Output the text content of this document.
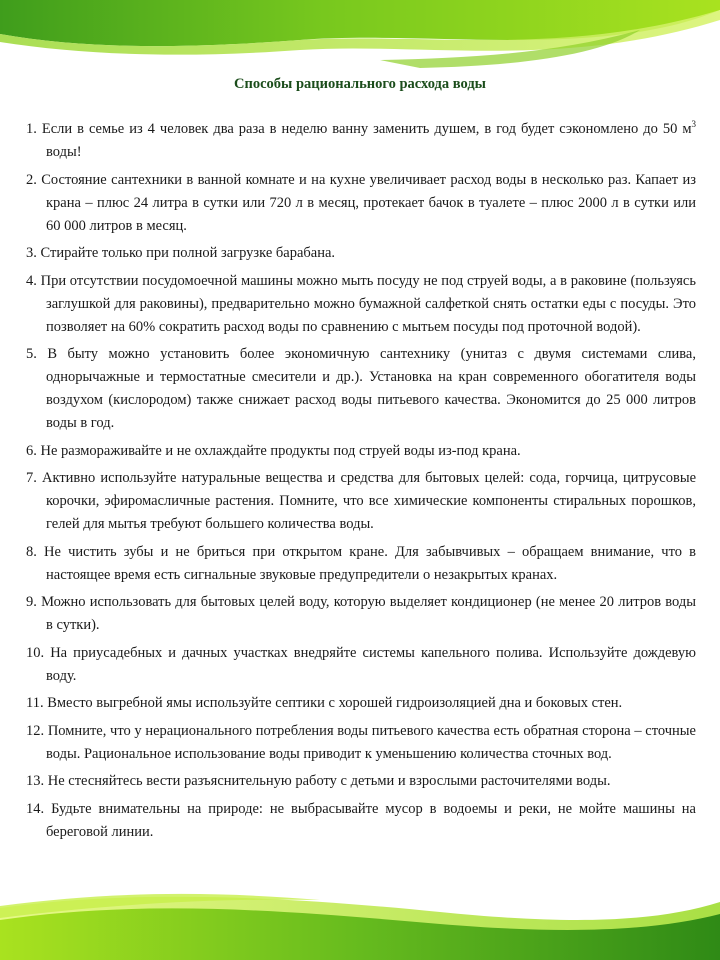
Способы рационального расхода воды
1. Если в семье из 4 человек два раза в неделю ванну заменить душем, в год будет сэкономлено до 50 $м^3$ воды!
2. Состояние сантехники в ванной комнате и на кухне увеличивает расход воды в несколько раз. Капает из крана – плюс 24 литра в сутки или 720 л в месяц, протекает бачок в туалете – плюс 2000 л в сутки или 60 000 литров в месяц.
3. Стирайте только при полной загрузке барабана.
4. При отсутствии посудомоечной машины можно мыть посуду не под струей воды, а в раковине (пользуясь заглушкой для раковины), предварительно можно бумажной салфеткой снять остатки еды с посуды. Это позволяет на 60% сократить расход воды по сравнению с мытьем посуды под проточной водой).
5. В быту можно установить более экономичную сантехнику (унитаз с двумя системами слива, однорычажные и термостатные смесители и др.). Установка на кран современного обогатителя воды воздухом (кислородом) также снижает расход воды питьевого качества. Экономится до 25 000 литров воды в год.
6. Не размораживайте и не охлаждайте продукты под струей воды из-под крана.
7. Активно используйте натуральные вещества и средства для бытовых целей: сода, горчица, цитрусовые корочки, эфиромасличные растения. Помните, что все химические компоненты стиральных порошков, гелей для мытья требуют большего количества воды.
8. Не чистить зубы и не бриться при открытом кране. Для забывчивых – обращаем внимание, что в настоящее время есть сигнальные звуковые предупредители о незакрытых кранах.
9. Можно использовать для бытовых целей воду, которую выделяет кондиционер (не менее 20 литров воды в сутки).
10. На приусадебных и дачных участках внедряйте системы капельного полива. Используйте дождевую воду.
11. Вместо выгребной ямы используйте септики с хорошей гидроизоляцией дна и боковых стен.
12. Помните, что у нерационального потребления воды питьевого качества есть обратная сторона – сточные воды. Рациональное использование воды приводит к уменьшению количества сточных вод.
13. Не стесняйтесь вести разъяснительную работу с детьми и взрослыми расточителями воды.
14. Будьте внимательны на природе: не выбрасывайте мусор в водоемы и реки, не мойте машины на береговой линии.
